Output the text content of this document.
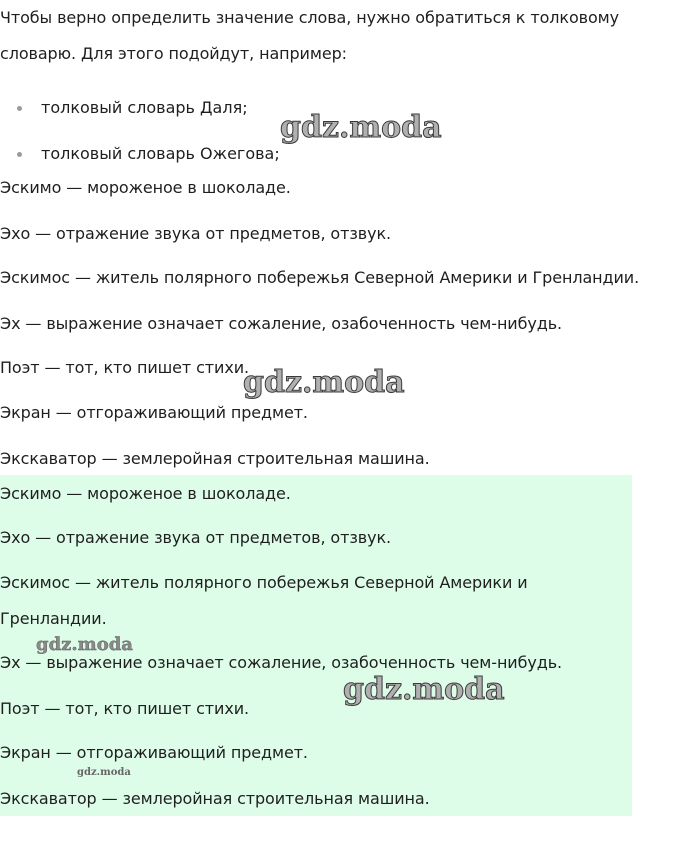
Чтобы верно определить значение слова, нужно обратиться к толковому
словарю. Для этого подойдут, например:
толковый словарь Даля;
толковый словарь Ожегова;
Эскимо — мороженое в шоколаде.
Эхо — отражение звука от предметов, отзвук.
Эскимос — житель полярного побережья Северной Америки и Гренландии.
Эх — выражение означает сожаление, озабоченность чем-нибудь.
Поэт — тот, кто пишет стихи.
Экран — отгораживающий предмет.
Экскаватор — землеройная строительная машина.
Эскимо — мороженое в шоколаде.
Эхо — отражение звука от предметов, отзвук.
Эскимос — житель полярного побережья Северной Америки и
Гренландии.
Эх — выражение означает сожаление, озабоченность чем-нибудь.
Поэт — тот, кто пишет стихи.
Экран — отгораживающий предмет.
Экскаватор — землеройная строительная машина.
gdz.moda
gdz.moda
gdz.moda
gdz.moda
gdz.moda
